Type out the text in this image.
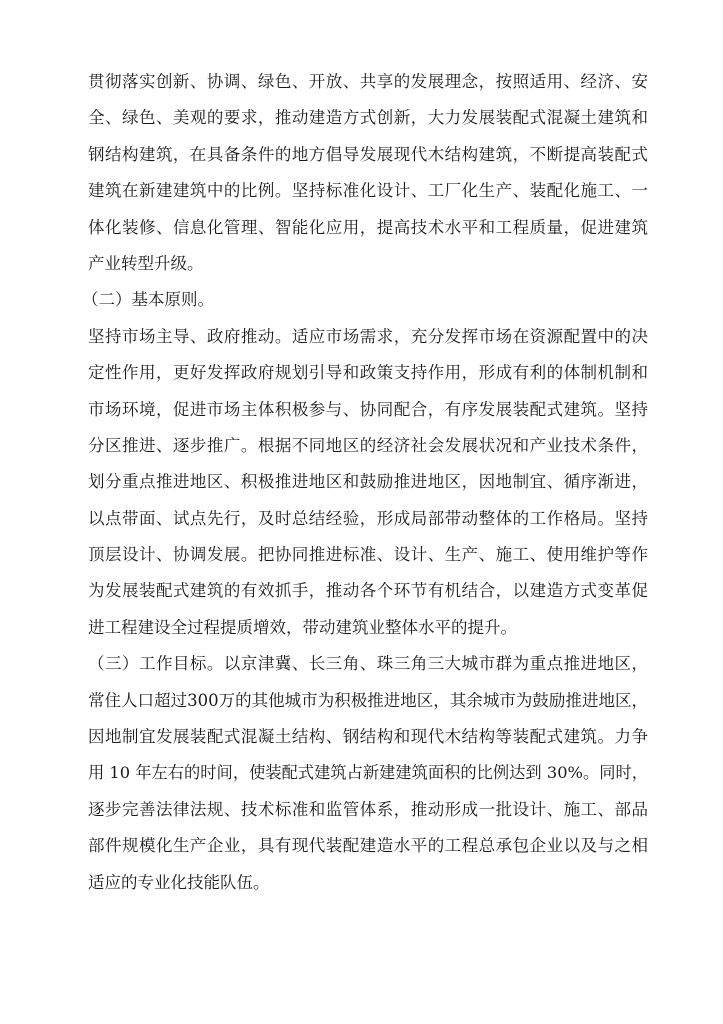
贯彻落实创新、协调、绿色、开放、共享的发展理念，按照适用、经济、安
全、绿色、美观的要求，推动建造方式创新，大力发展装配式混凝土建筑和
钢结构建筑，在具备条件的地方倡导发展现代木结构建筑，不断提高装配式
建筑在新建建筑中的比例。坚持标准化设计、工厂化生产、装配化施工、一
体化装修、信息化管理、智能化应用，提高技术水平和工程质量，促进建筑
产业转型升级。
（二）基本原则。
坚持市场主导、政府推动。适应市场需求，充分发挥市场在资源配置中的决
定性作用，更好发挥政府规划引导和政策支持作用，形成有利的体制机制和
市场环境，促进市场主体积极参与、协同配合，有序发展装配式建筑。坚持
分区推进、逐步推广。根据不同地区的经济社会发展状况和产业技术条件，
划分重点推进地区、积极推进地区和鼓励推进地区，因地制宜、循序渐进，
以点带面、试点先行，及时总结经验，形成局部带动整体的工作格局。坚持
顶层设计、协调发展。把协同推进标准、设计、生产、施工、使用维护等作
为发展装配式建筑的有效抓手，推动各个环节有机结合，以建造方式变革促
进工程建设全过程提质增效，带动建筑业整体水平的提升。
（三）工作目标。以京津冀、长三角、珠三角三大城市群为重点推进地区，
常住人口超过300万的其他城市为积极推进地区，其余城市为鼓励推进地区，
因地制宜发展装配式混凝土结构、钢结构和现代木结构等装配式建筑。力争
用 10 年左右的时间，使装配式建筑占新建建筑面积的比例达到 30%。同时，
逐步完善法律法规、技术标准和监管体系，推动形成一批设计、施工、部品
部件规模化生产企业，具有现代装配建造水平的工程总承包企业以及与之相
适应的专业化技能队伍。
